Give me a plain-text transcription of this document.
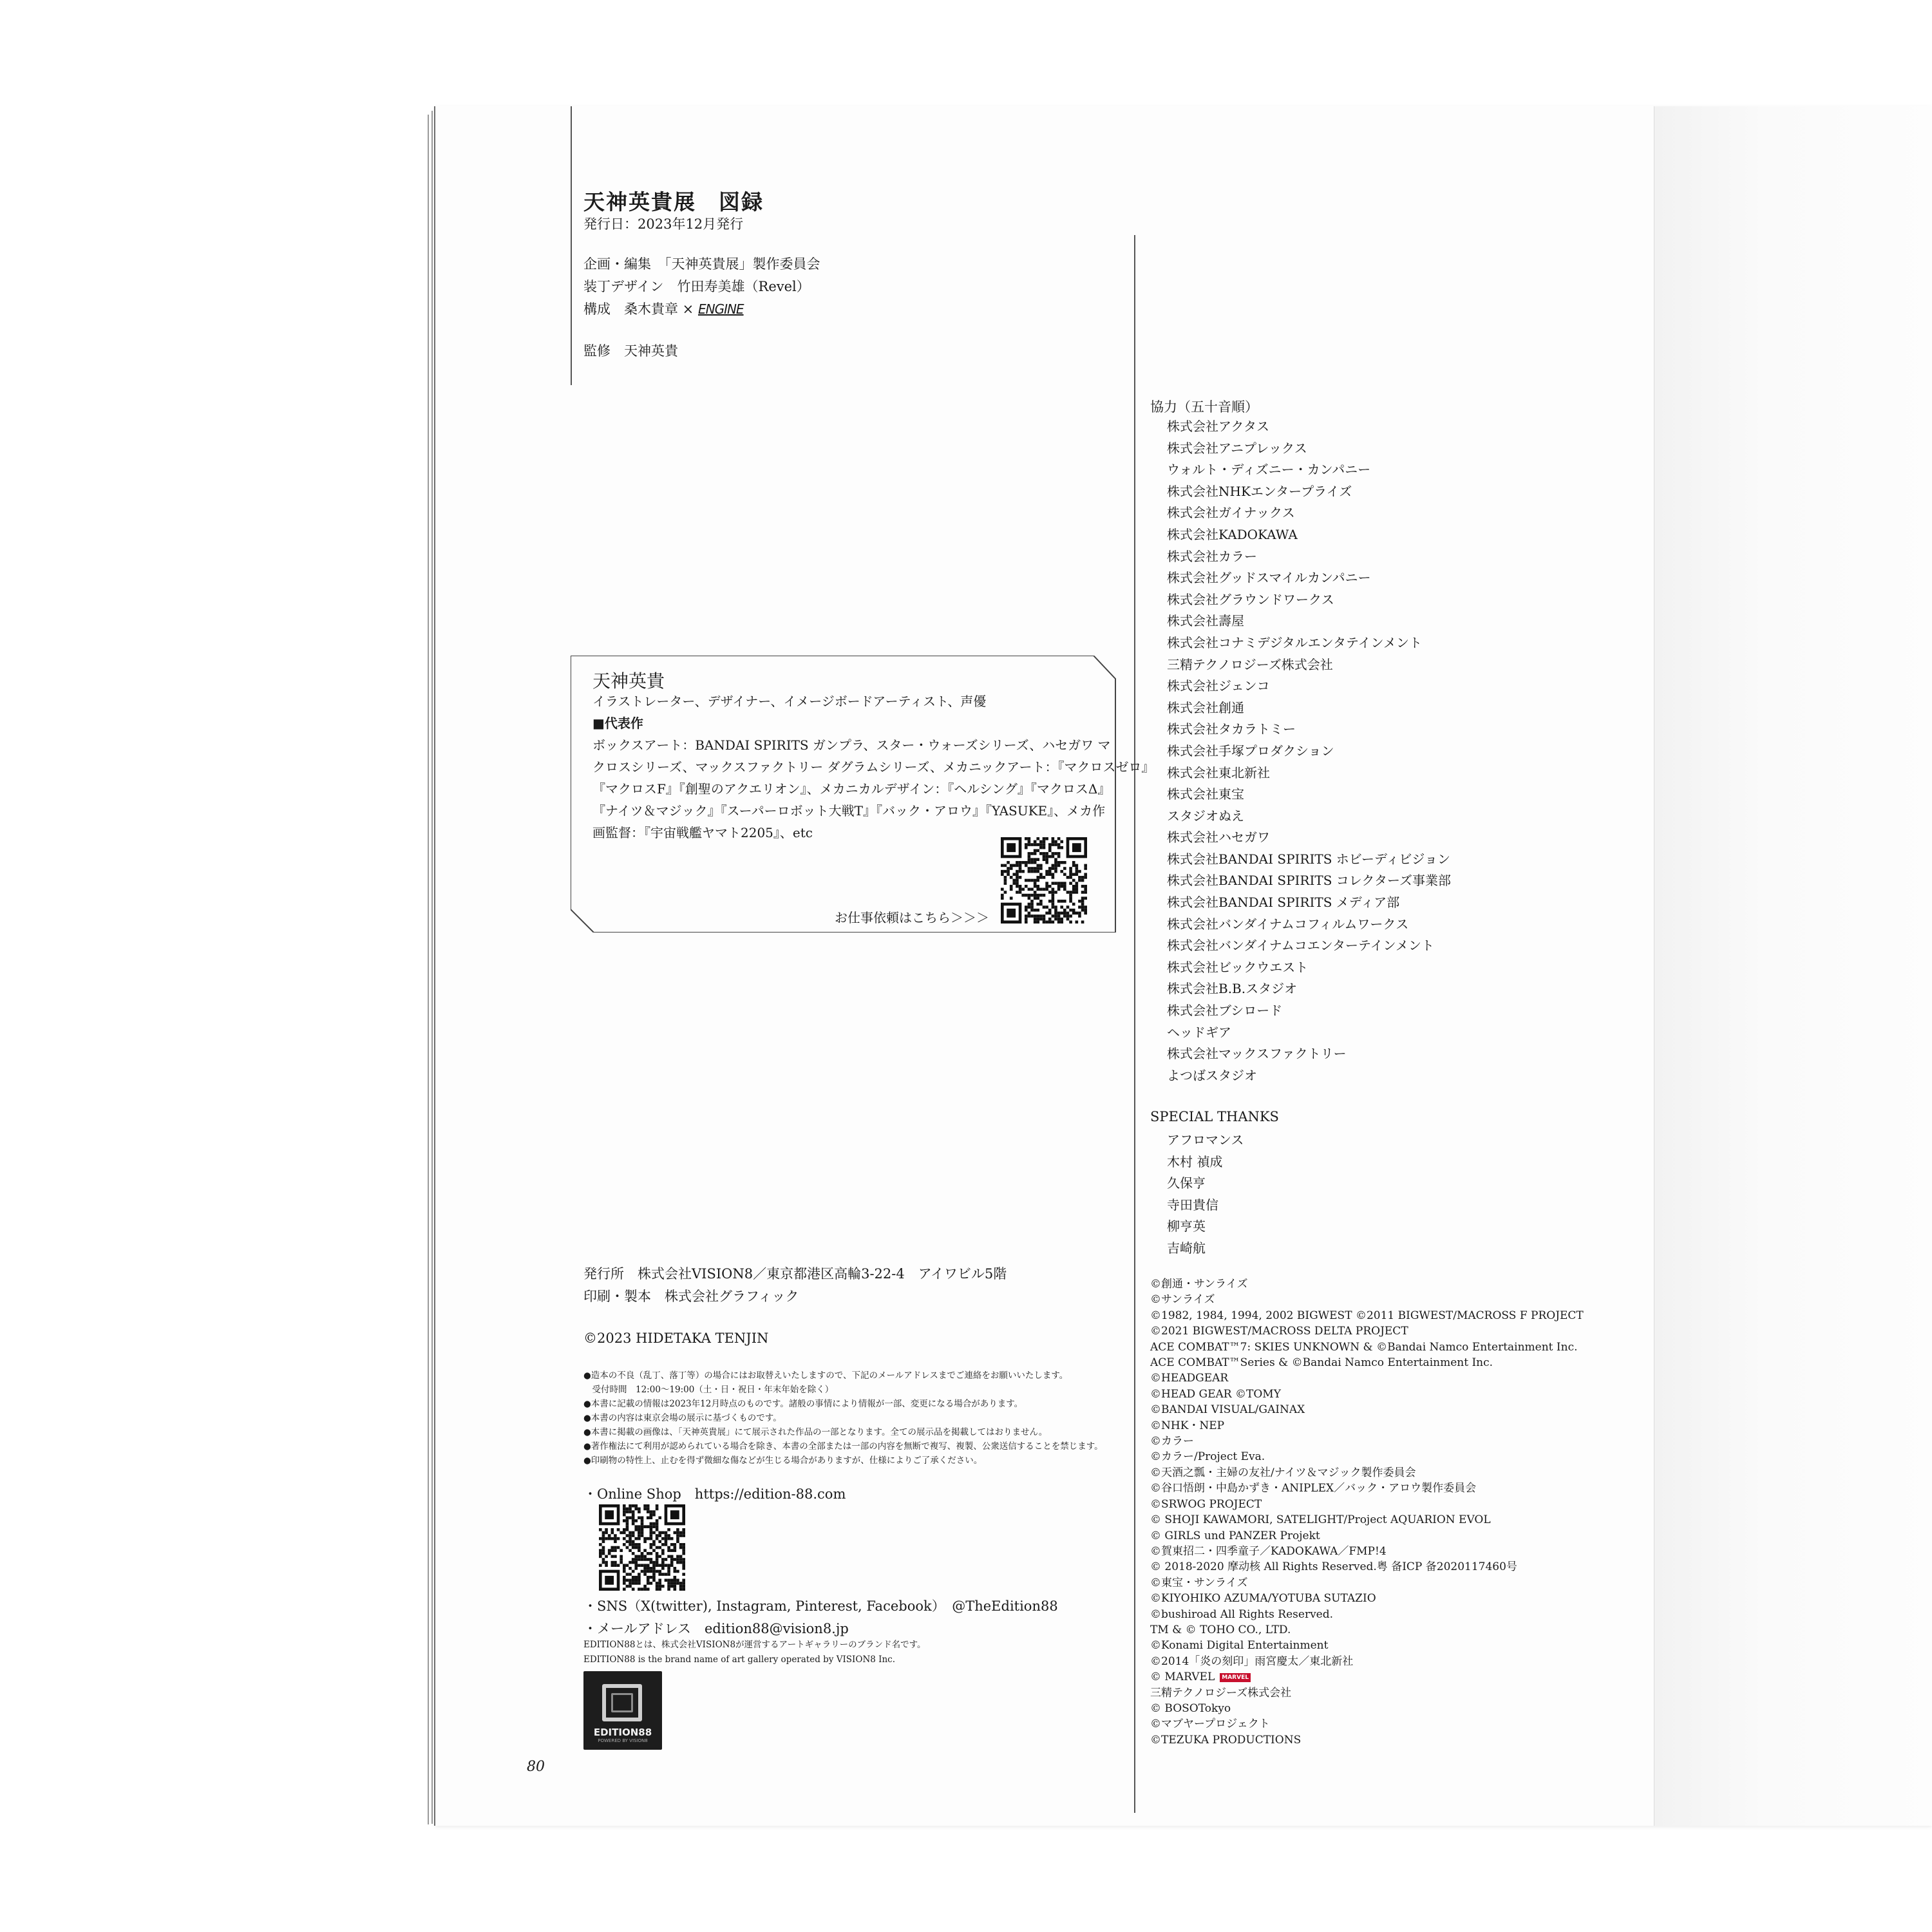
天神英貴展　図録
発行日：2023年12月発行
企画・編集　「天神英貴展」製作委員会
装丁デザイン　竹田寿美雄（Revel）
構成　桑木貴章 × ENGINE
監修　天神英貴
天神英貴
イラストレーター、デザイナー、イメージボードアーティスト、声優
■代表作
ボックスアート：BANDAI SPIRITS ガンプラ、スター・ウォーズシリーズ、ハセガワ マ
クロスシリーズ、マックスファクトリー ダグラムシリーズ、メカニックアート：『マクロスゼロ』
『マクロスF』『創聖のアクエリオン』、メカニカルデザイン：『ヘルシング』『マクロスΔ』
『ナイツ＆マジック』『スーパーロボット大戦T』『バック・アロウ』『YASUKE』、メカ作
画監督：『宇宙戦艦ヤマト2205』、etc
お仕事依頼はこちら＞＞＞
発行所　株式会社VISION8／東京都港区高輪3-22-4　アイワビル5階
印刷・製本　株式会社グラフィック
©2023 HIDETAKA TENJIN
●造本の不良（乱丁、落丁等）の場合にはお取替えいたしますので、下記のメールアドレスまでご連絡をお願いいたします。
　受付時間　12:00～19:00（土・日・祝日・年末年始を除く）
●本書に記載の情報は2023年12月時点のものです。諸般の事情により情報が一部、変更になる場合があります。
●本書の内容は東京会場の展示に基づくものです。
●本書に掲載の画像は、「天神英貴展」にて展示された作品の一部となります。全ての展示品を掲載してはおりません。
●著作権法にて利用が認められている場合を除き、本書の全部または一部の内容を無断で複写、複製、公衆送信することを禁じます。
●印刷物の特性上、止むを得ず微細な傷などが生じる場合がありますが、仕様によりご了承ください。
・Online Shop　https://edition-88.com
・SNS（X(twitter), Instagram, Pinterest, Facebook）　@TheEdition88
・メールアドレス　edition88@vision8.jp
EDITION88とは、株式会社VISION8が運営するアートギャラリーのブランド名です。
EDITION88 is the brand name of art gallery operated by VISION8 Inc.
EDITION88
POWERED BY VISION8
80
協力（五十音順）
株式会社アクタス
株式会社アニプレックス
ウォルト・ディズニー・カンパニー
株式会社NHKエンタープライズ
株式会社ガイナックス
株式会社KADOKAWA
株式会社カラー
株式会社グッドスマイルカンパニー
株式会社グラウンドワークス
株式会社壽屋
株式会社コナミデジタルエンタテインメント
三精テクノロジーズ株式会社
株式会社ジェンコ
株式会社創通
株式会社タカラトミー
株式会社手塚プロダクション
株式会社東北新社
株式会社東宝
スタジオぬえ
株式会社ハセガワ
株式会社BANDAI SPIRITS ホビーディビジョン
株式会社BANDAI SPIRITS コレクターズ事業部
株式会社BANDAI SPIRITS メディア部
株式会社バンダイナムコフィルムワークス
株式会社バンダイナムコエンターテインメント
株式会社ビックウエスト
株式会社B.B.スタジオ
株式会社ブシロード
ヘッドギア
株式会社マックスファクトリー
よつばスタジオ
SPECIAL THANKS
アフロマンス
木村 禎成
久保亨
寺田貴信
柳亨英
吉崎航
©創通・サンライズ
©サンライズ
©1982, 1984, 1994, 2002 BIGWEST ©2011 BIGWEST/MACROSS F PROJECT
©2021 BIGWEST/MACROSS DELTA PROJECT
ACE COMBAT™7: SKIES UNKNOWN & ©Bandai Namco Entertainment Inc.
ACE COMBAT™Series & ©Bandai Namco Entertainment Inc.
©HEADGEAR
©HEAD GEAR ©TOMY
©BANDAI VISUAL/GAINAX
©NHK・NEP
©カラー
©カラー/Project Eva.
©天酒之瓢・主婦の友社/ナイツ＆マジック製作委員会
©谷口悟朗・中島かずき・ANIPLEX／バック・アロウ製作委員会
©SRWOG PROJECT
© SHOJI KAWAMORI, SATELIGHT/Project AQUARION EVOL
© GIRLS und PANZER Projekt
©賀東招二・四季童子／KADOKAWA／FMP!4
© 2018-2020 摩动核 All Rights Reserved.粤 备ICP 备2020117460号
©東宝・サンライズ
©KIYOHIKO AZUMA/YOTUBA SUTAZIO
©bushiroad All Rights Reserved.
TM & © TOHO CO., LTD.
©Konami Digital Entertainment
©2014「炎の刻印」雨宮慶太／東北新社
© MARVEL MARVEL
三精テクノロジーズ株式会社
© BOSOTokyo
©マブヤープロジェクト
©TEZUKA PRODUCTIONS
